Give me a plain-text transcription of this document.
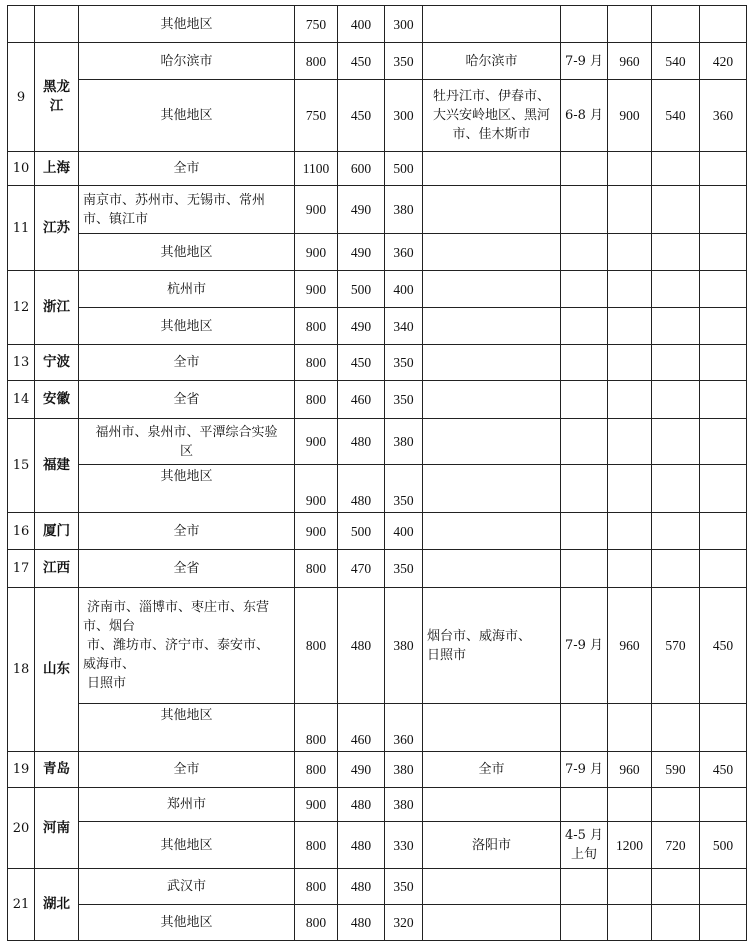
		其他地区	750	400	300					
9	黑龙江	哈尔滨市	800	450	350	哈尔滨市	7-9 月	960	540	420
		其他地区	750	450	300	牡丹江市、伊春市、
大兴安岭地区、黑河
市、佳木斯市	6-8 月	900	540	360
10	上海	全市	1100	600	500					
11	江苏	南京市、苏州市、无锡市、常州
市、镇江市	900	490	380					
		其他地区	900	490	360					
12	浙江	杭州市	900	500	400					
		其他地区	800	490	340					
13	宁波	全市	800	450	350					
14	安徽	全省	800	460	350					
15	福建	福州市、泉州市、平潭综合实验
区	900	480	380					
		其他地区	900	480	350					
16	厦门	全市	900	500	400					
17	江西	全省	800	470	350					
18	山东	济南市、淄博市、枣庄市、东营
市、烟台
市、潍坊市、济宁市、泰安市、
威海市、
日照市	800	480	380	烟台市、威海市、
日照市	7-9 月	960	570	450
		其他地区	800	460	360					
19	青岛	全市	800	490	380	全市	7-9 月	960	590	450
20	河南	郑州市	900	480	380					
		其他地区	800	480	330	洛阳市	4-5 月
上旬	1200	720	500
21	湖北	武汉市	800	480	350					
		其他地区	800	480	320					
